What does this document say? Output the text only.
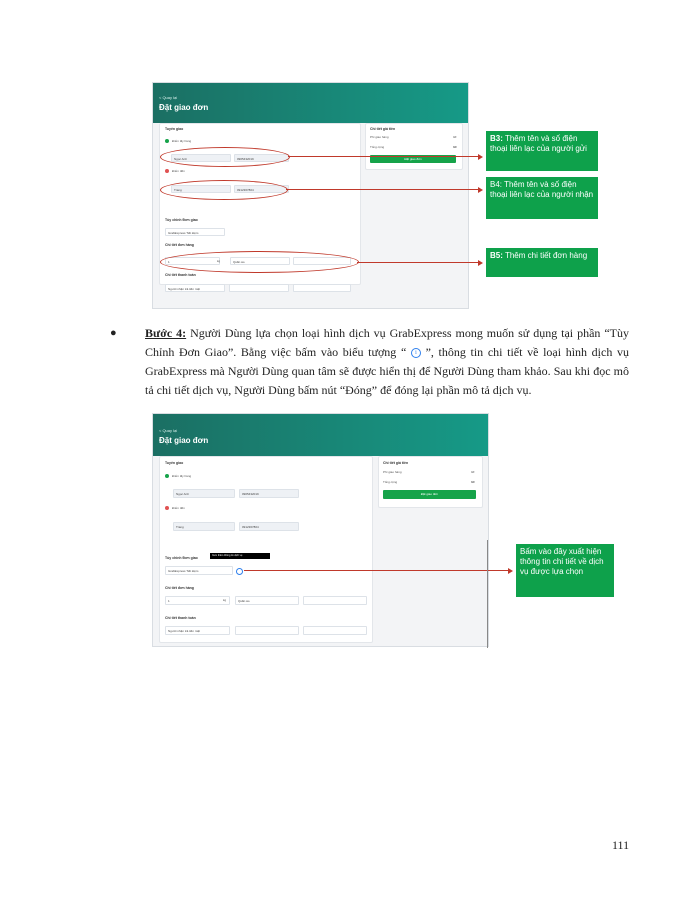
< Quay lại
Đặt giao đơn
Tuyến giao
Điểm lấy hàng
Ngọc Anh	0905432019
Điểm đến
Trang	0912367804
Tùy chỉnh Đơn giao
GrabExpress Tiết kiệm
Chi tiết đơn hàng
1	kg	Quần áo
Chi tiết thanh toán
Người nhận trả tiền mặt
Chi tiết giá tiền
Phí giao hàng	0đ
Tổng cộng	0đ
Đặt giao đơn
B3: Thêm tên và số điện thoại liên lạc của người gửi
B4: Thêm tên và số điện thoại liên lạc của người nhận
B5: Thêm chi tiết đơn hàng
● Bước 4: Người Dùng lựa chọn loại hình dịch vụ GrabExpress mong muốn sử dụng tại phần “Tùy Chỉnh Đơn Giao”. Bằng việc bấm vào biểu tượng “ i ”, thông tin chi tiết về loại hình dịch vụ GrabExpress mà Người Dùng quan tâm sẽ được hiển thị để Người Dùng tham khảo. Sau khi đọc mô tả chi tiết dịch vụ, Người Dùng bấm nút “Đóng” để đóng lại phần mô tả dịch vụ.
< Quay lại
Đặt giao đơn
Tuyến giao
Điểm lấy hàng
Ngọc Anh	0905432019
Điểm đến
Trang	0912367804
Tùy chỉnh Đơn giao
Xem thêm thông tin dịch vụ
GrabExpress Tiết kiệm
Chi tiết đơn hàng
1	kg	Quần áo
Chi tiết thanh toán
Người nhận trả tiền mặt
Chi tiết giá tiền
Phí giao hàng	0đ
Tổng cộng	0đ
Đặt giao đơn
Bấm vào đây xuất hiện thông tin chi tiết về dịch vụ được lựa chọn
111
